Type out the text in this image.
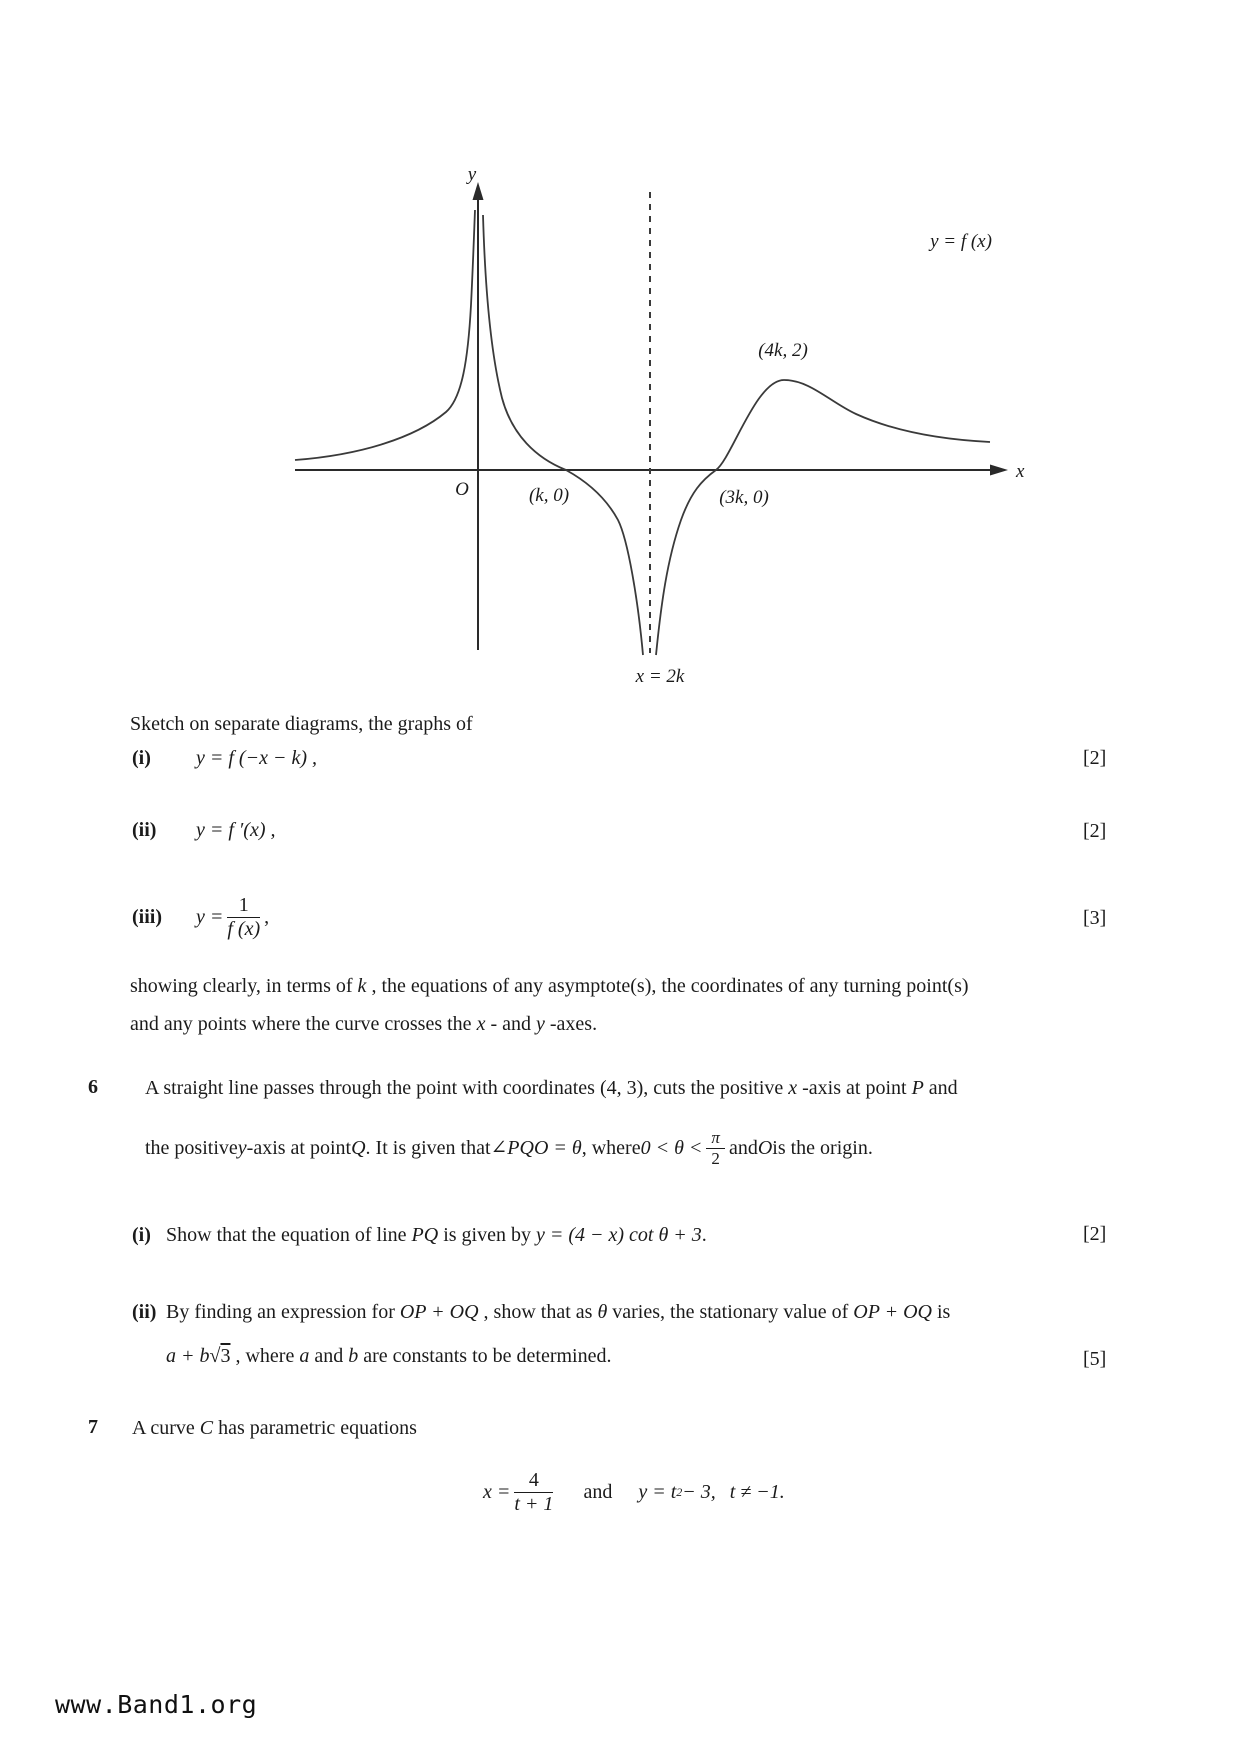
y
x
O	(k, 0)	(3k, 0)
(4k, 2)
y = f (x)
x = 2k
Sketch on separate diagrams, the graphs of
(i)	y = f (−x − k) ,	[2]
(ii)	y = f ′(x) ,	[2]
(iii)	$y = \frac{1}{f (x)}$ ,	[3]
showing clearly, in terms of k , the equations of any asymptote(s), the coordinates of any turning point(s)
and any points where the curve crosses the x - and y -axes.
6 A straight line passes through the point with coordinates (4, 3), cuts the positive x -axis at point P and
the positive y -axis at point Q . It is given that ∠PQO = θ , where $0 < \theta < \frac{\pi}{2}$ and O is the origin.
(i) Show that the equation of line PQ is given by y = (4 − x) cot θ + 3.	[2]
(ii) By finding an expression for OP + OQ , show that as θ varies, the stationary value of OP + OQ is
a + b√3 , where a and b are constants to be determined.	[5]
7 A curve C has parametric equations
$x = \frac{4}{t + 1}$ and y = t 2 − 3, t ≠ −1.
www.Band1.org
